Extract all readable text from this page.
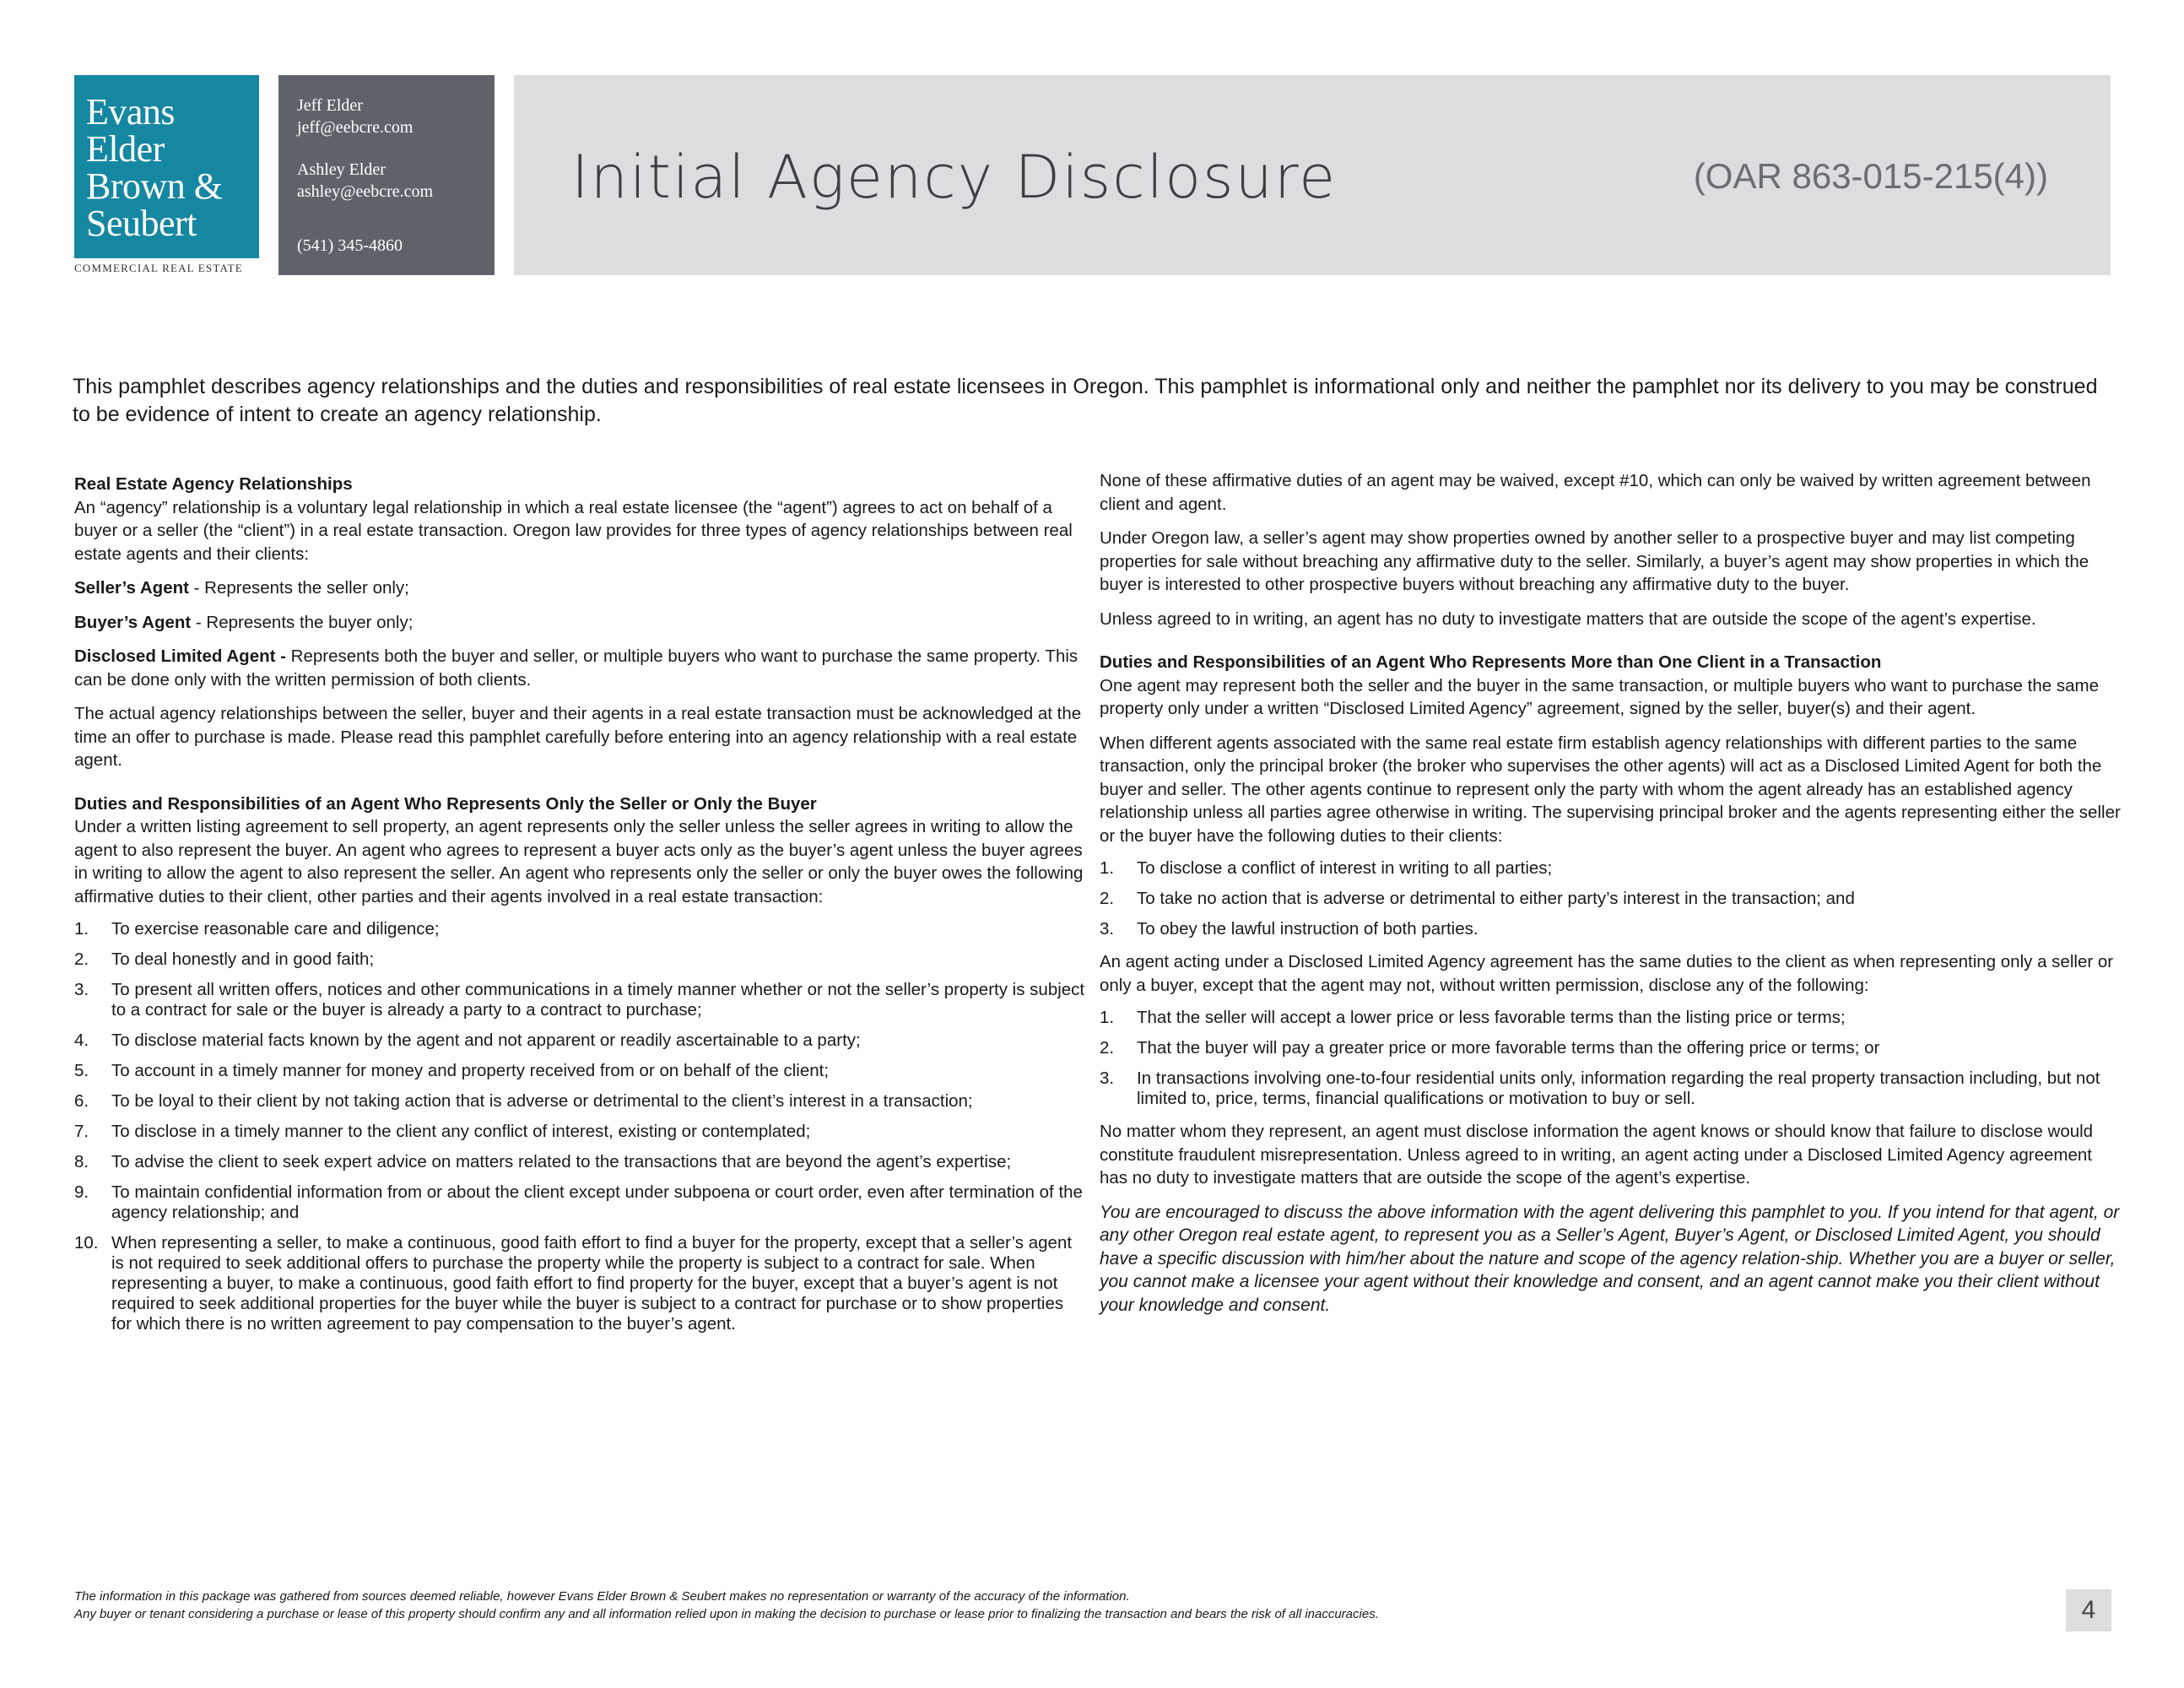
Evans
Elder
Brown &
Seubert
COMMERCIAL REAL ESTATE
Jeff Elder
jeff@eebcre.com
Ashley Elder
ashley@eebcre.com
(541) 345-4860
Initial Agency Disclosure	(OAR 863-015-215(4))
This pamphlet describes agency relationships and the duties and responsibilities of real estate licensees in Oregon. This pamphlet is informational only and neither the pamphlet nor its delivery to you may be construed to be evidence of intent to create an agency relationship.

Real Estate Agency Relationships
An “agency” relationship is a voluntary legal relationship in which a real estate licensee (the “agent”) agrees to act on behalf of a buyer or a seller (the “client”) in a real estate transaction. Oregon law provides for three types of agency relationships between real estate agents and their clients:

Seller’s Agent - Represents the seller only;

Buyer’s Agent - Represents the buyer only;

Disclosed Limited Agent - Represents both the buyer and seller, or multiple buyers who want to purchase the same property. This can be done only with the written permission of both clients.

The actual agency relationships between the seller, buyer and their agents in a real estate transaction must be acknowledged at the time an offer to purchase is made. Please read this pamphlet carefully before entering into an agency relationship with a real estate agent.

Duties and Responsibilities of an Agent Who Represents Only the Seller or Only the Buyer
Under a written listing agreement to sell property, an agent represents only the seller unless the seller agrees in writing to allow the agent to also represent the buyer. An agent who agrees to represent a buyer acts only as the buyer’s agent unless the buyer agrees in writing to allow the agent to also represent the seller. An agent who represents only the seller or only the buyer owes the following affirmative duties to their client, other parties and their agents involved in a real estate transaction:

1. To exercise reasonable care and diligence;
2. To deal honestly and in good faith;
3. To present all written offers, notices and other communications in a timely manner whether or not the seller’s property is subject to a contract for sale or the buyer is already a party to a contract to purchase;
4. To disclose material facts known by the agent and not apparent or readily ascertainable to a party;
5. To account in a timely manner for money and property received from or on behalf of the client;
6. To be loyal to their client by not taking action that is adverse or detrimental to the client’s interest in a transaction;
7. To disclose in a timely manner to the client any conflict of interest, existing or contemplated;
8. To advise the client to seek expert advice on matters related to the transactions that are beyond the agent’s expertise;
9. To maintain confidential information from or about the client except under subpoena or court order, even after termination of the agency relationship; and
10. When representing a seller, to make a continuous, good faith effort to find a buyer for the property, except that a seller’s agent is not required to seek additional offers to purchase the property while the property is subject to a contract for sale. When representing a buyer, to make a continuous, good faith effort to find property for the buyer, except that a buyer’s agent is not required to seek additional properties for the buyer while the buyer is subject to a contract for purchase or to show properties for which there is no written agreement to pay compensation to the buyer’s agent.

None of these affirmative duties of an agent may be waived, except #10, which can only be waived by written agreement between client and agent.

Under Oregon law, a seller’s agent may show properties owned by another seller to a prospective buyer and may list competing properties for sale without breaching any affirmative duty to the seller. Similarly, a buyer’s agent may show properties in which the buyer is interested to other prospective buyers without breaching any affirmative duty to the buyer.

Unless agreed to in writing, an agent has no duty to investigate matters that are outside the scope of the agent’s expertise.

Duties and Responsibilities of an Agent Who Represents More than One Client in a Transaction
One agent may represent both the seller and the buyer in the same transaction, or multiple buyers who want to purchase the same property only under a written “Disclosed Limited Agency” agreement, signed by the seller, buyer(s) and their agent.

When different agents associated with the same real estate firm establish agency relationships with different parties to the same transaction, only the principal broker (the broker who supervises the other agents) will act as a Disclosed Limited Agent for both the buyer and seller. The other agents continue to represent only the party with whom the agent already has an established agency relationship unless all parties agree otherwise in writing. The supervising principal broker and the agents representing either the seller or the buyer have the following duties to their clients:

1. To disclose a conflict of interest in writing to all parties;
2. To take no action that is adverse or detrimental to either party’s interest in the transaction; and
3. To obey the lawful instruction of both parties.

An agent acting under a Disclosed Limited Agency agreement has the same duties to the client as when representing only a seller or only a buyer, except that the agent may not, without written permission, disclose any of the following:

1. That the seller will accept a lower price or less favorable terms than the listing price or terms;
2. That the buyer will pay a greater price or more favorable terms than the offering price or terms; or
3. In transactions involving one-to-four residential units only, information regarding the real property transaction including, but not limited to, price, terms, financial qualifications or motivation to buy or sell.

No matter whom they represent, an agent must disclose information the agent knows or should know that failure to disclose would constitute fraudulent misrepresentation. Unless agreed to in writing, an agent acting under a Disclosed Limited Agency agreement has no duty to investigate matters that are outside the scope of the agent’s expertise.

You are encouraged to discuss the above information with the agent delivering this pamphlet to you. If you intend for that agent, or any other Oregon real estate agent, to represent you as a Seller’s Agent, Buyer’s Agent, or Disclosed Limited Agent, you should have a specific discussion with him/her about the nature and scope of the agency relation-ship. Whether you are a buyer or seller, you cannot make a licensee your agent without their knowledge and consent, and an agent cannot make you their client without your knowledge and consent.

The information in this package was gathered from sources deemed reliable, however Evans Elder Brown & Seubert makes no representation or warranty of the accuracy of the information.
Any buyer or tenant considering a purchase or lease of this property should confirm any and all information relied upon in making the decision to purchase or lease prior to finalizing the transaction and bears the risk of all inaccuracies.	4
